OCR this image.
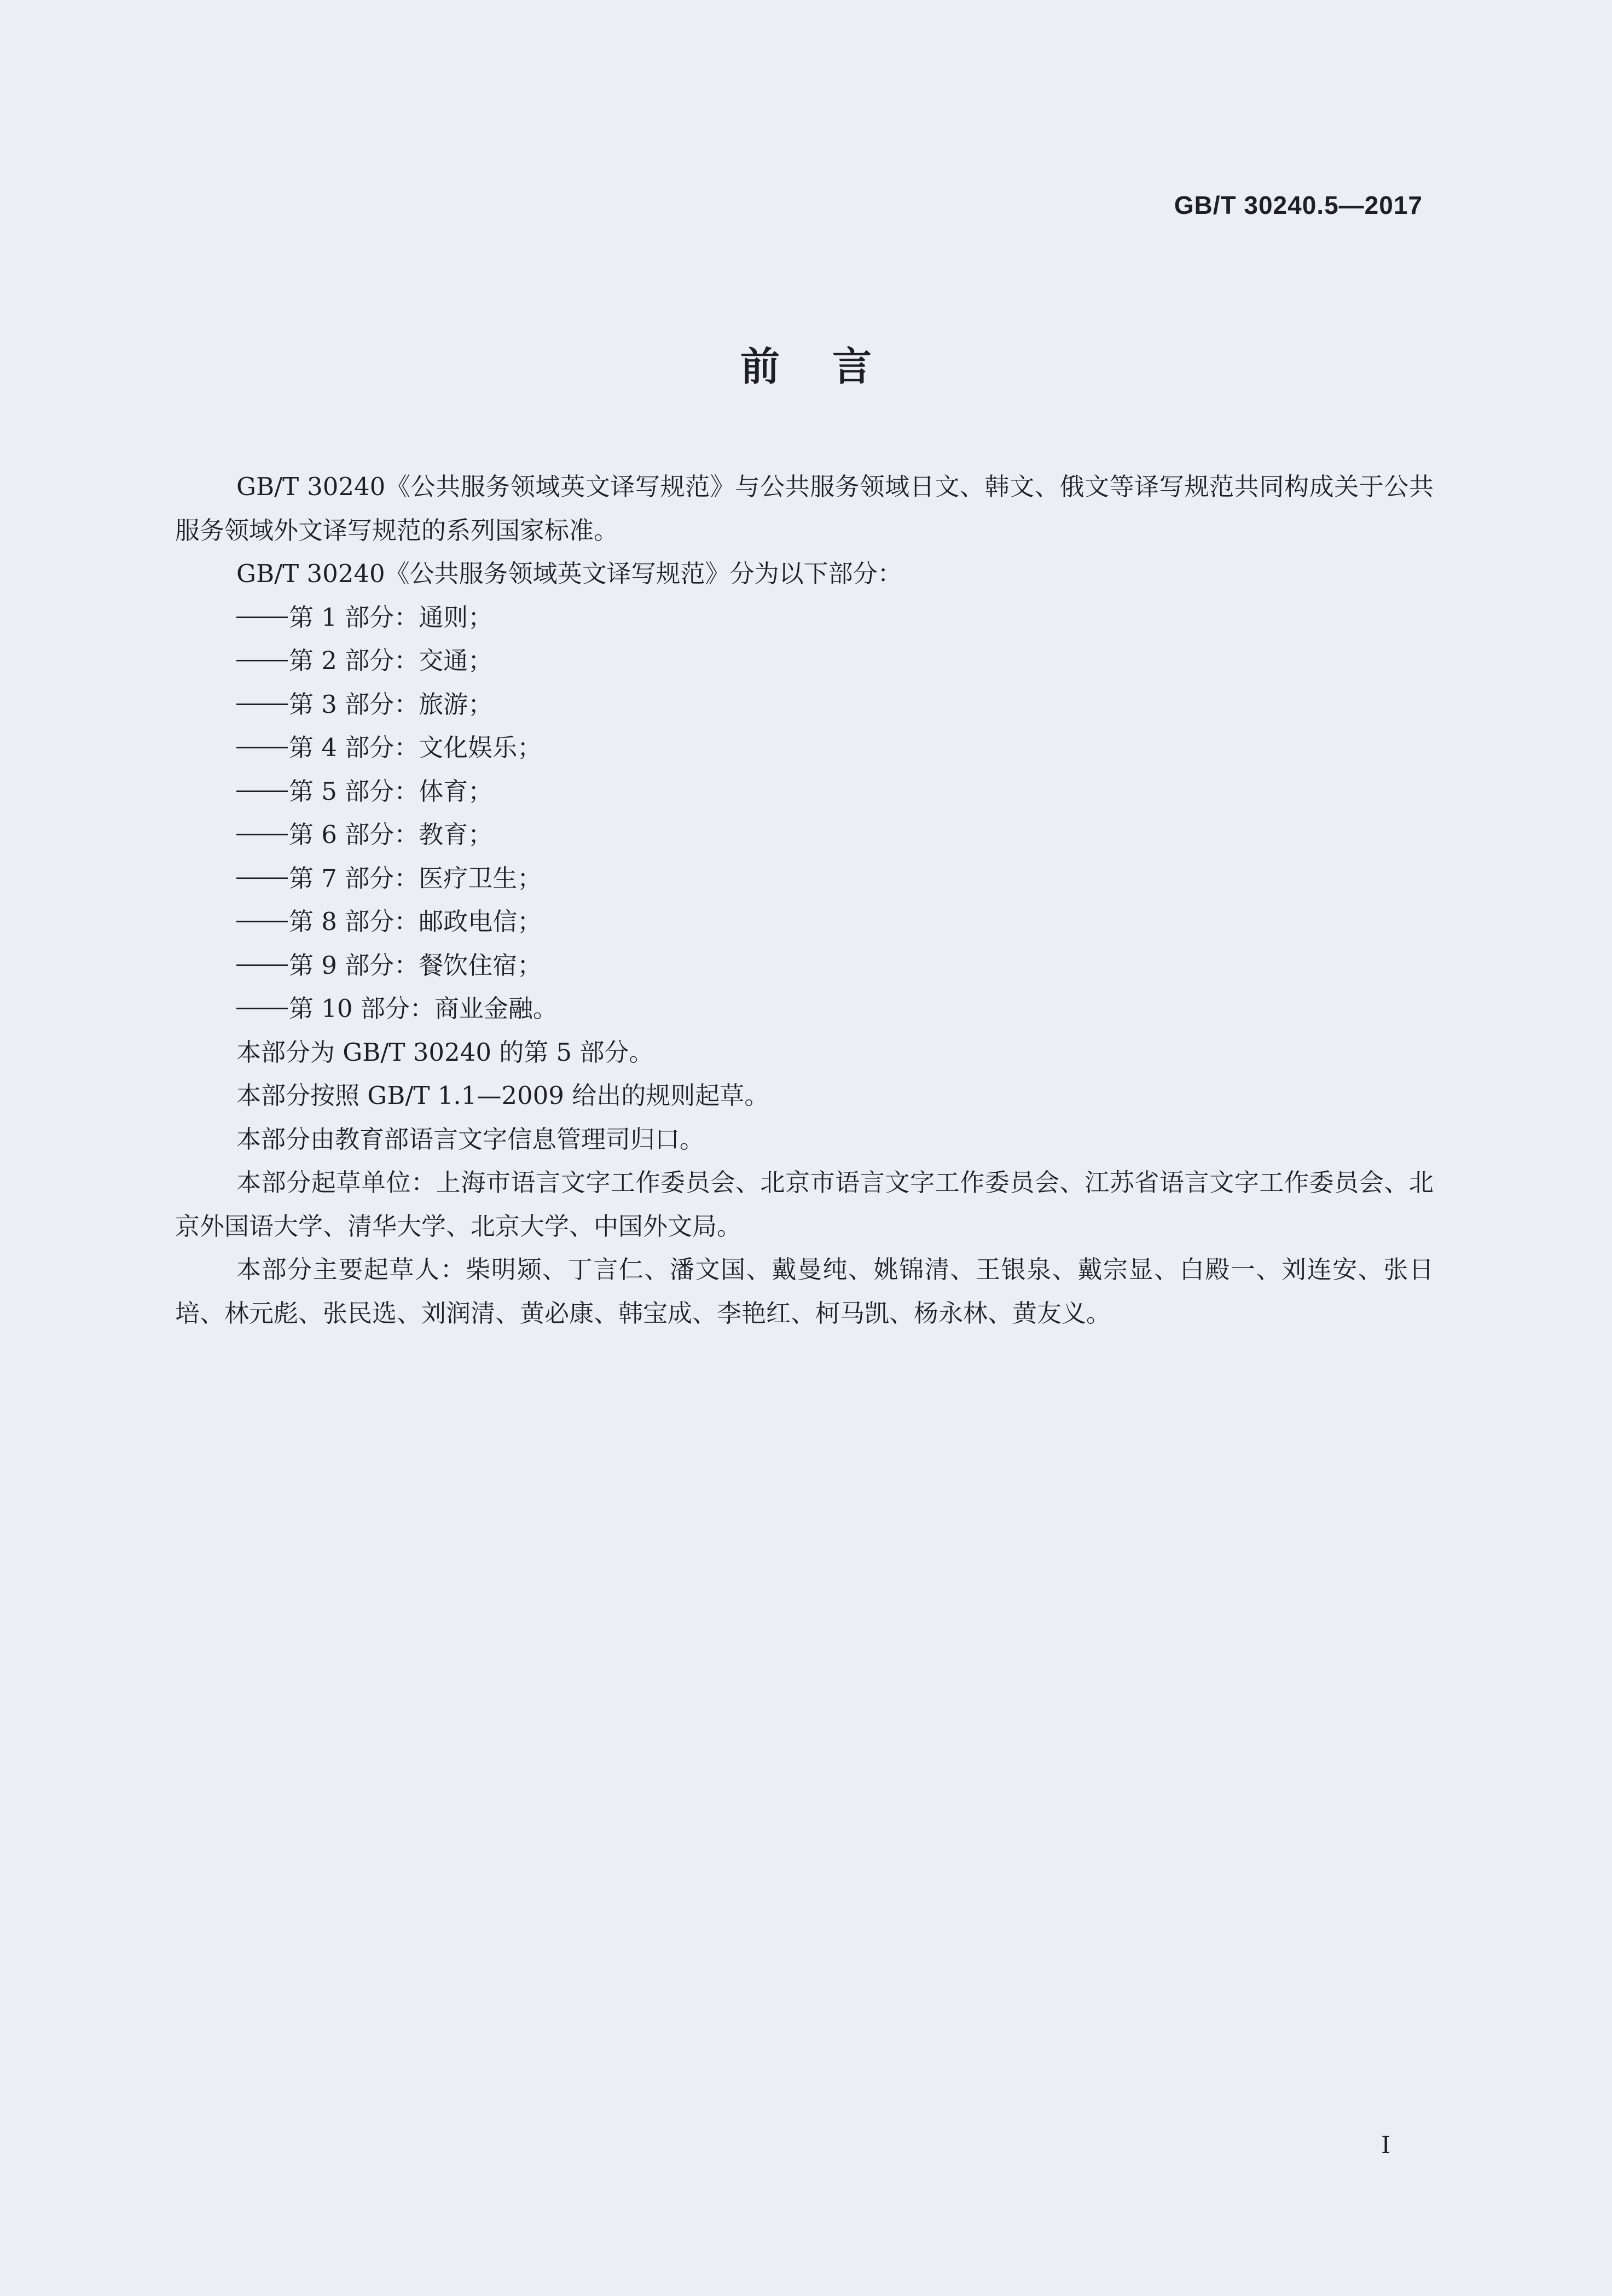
GB/T 30240.5—2017
前言

GB/T 30240《公共服务领域英文译写规范》与公共服务领域日文、韩文、俄文等译写规范共同构成关于公共服务领域外文译写规范的系列国家标准。

GB/T 30240《公共服务领域英文译写规范》分为以下部分：

第 1 部分：通则；
第 2 部分：交通；
第 3 部分：旅游；
第 4 部分：文化娱乐；
第 5 部分：体育；
第 6 部分：教育；
第 7 部分：医疗卫生；
第 8 部分：邮政电信；
第 9 部分：餐饮住宿；
第 10 部分：商业金融。

本部分为 GB/T 30240 的第 5 部分。

本部分按照 GB/T 1.1—2009 给出的规则起草。

本部分由教育部语言文字信息管理司归口。

本部分起草单位：上海市语言文字工作委员会、北京市语言文字工作委员会、江苏省语言文字工作委员会、北京外国语大学、清华大学、北京大学、中国外文局。

本部分主要起草人：柴明颎、丁言仁、潘文国、戴曼纯、姚锦清、王银泉、戴宗显、白殿一、刘连安、张日培、林元彪、张民选、刘润清、黄必康、韩宝成、李艳红、柯马凯、杨永林、黄友义。

I
